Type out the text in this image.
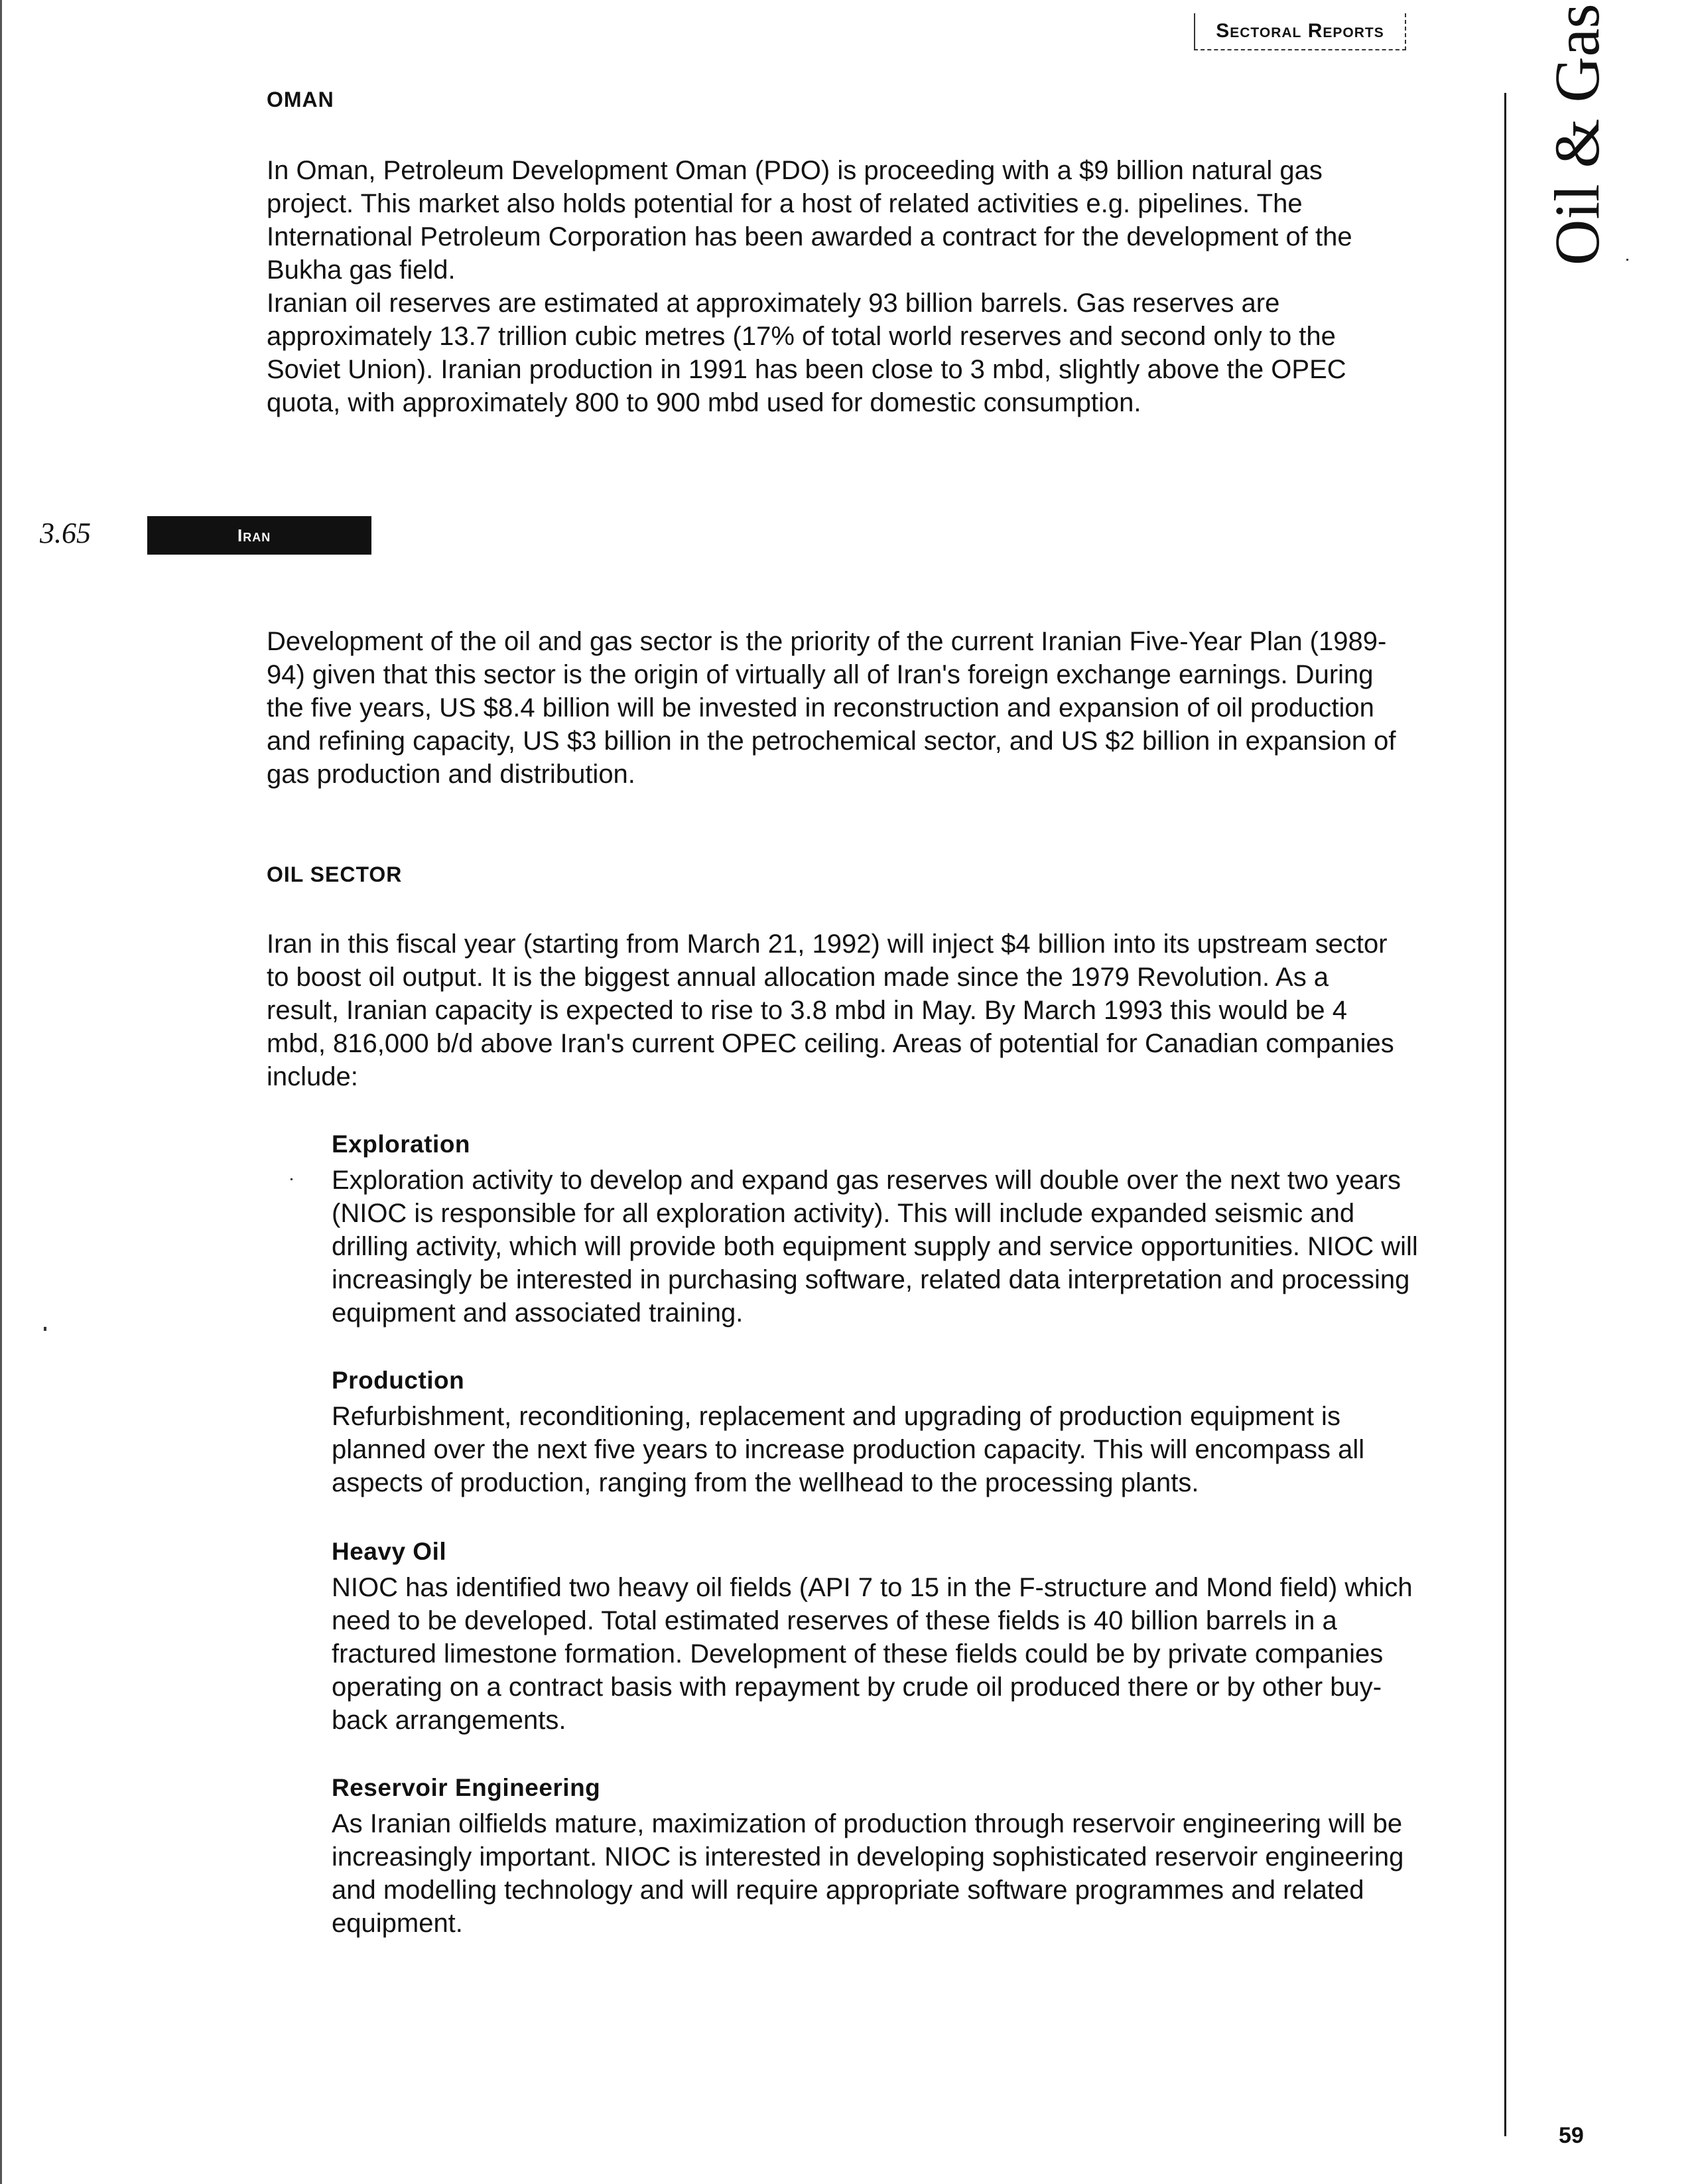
Sectoral Reports	Oil & Gas
59
OMAN
In Oman, Petroleum Development Oman (PDO) is proceeding with a $9 billion natural gas project. This market also holds potential for a host of related activities e.g. pipelines. The International Petroleum Corporation has been awarded a contract for the development of the Bukha gas field.
Iranian oil reserves are estimated at approximately 93 billion barrels. Gas reserves are approximately 13.7 trillion cubic metres (17% of total world reserves and second only to the Soviet Union). Iranian production in 1991 has been close to 3 mbd, slightly above the OPEC quota, with approximately 800 to 900 mbd used for domestic consumption.
3.65	Iran
Development of the oil and gas sector is the priority of the current Iranian Five-Year Plan (1989-94) given that this sector is the origin of virtually all of Iran's foreign exchange earnings. During the five years, US $8.4 billion will be invested in reconstruction and expansion of oil production and refining capacity, US $3 billion in the petrochemical sector, and US $2 billion in expansion of gas production and distribution.
OIL SECTOR
Iran in this fiscal year (starting from March 21, 1992) will inject $4 billion into its upstream sector to boost oil output. It is the biggest annual allocation made since the 1979 Revolution. As a result, Iranian capacity is expected to rise to 3.8 mbd in May. By March 1993 this would be 4 mbd, 816,000 b/d above Iran's current OPEC ceiling. Areas of potential for Canadian companies include:
Exploration
Exploration activity to develop and expand gas reserves will double over the next two years (NIOC is responsible for all exploration activity). This will include expanded seismic and drilling activity, which will provide both equipment supply and service opportunities. NIOC will increasingly be interested in purchasing software, related data interpretation and processing equipment and associated training.
Production
Refurbishment, reconditioning, replacement and upgrading of production equipment is planned over the next five years to increase production capacity. This will encompass all aspects of production, ranging from the wellhead to the processing plants.
Heavy Oil
NIOC has identified two heavy oil fields (API 7 to 15 in the F-structure and Mond field) which need to be developed. Total estimated reserves of these fields is 40 billion barrels in a fractured limestone formation. Development of these fields could be by private companies operating on a contract basis with repayment by crude oil produced there or by other buy-back arrangements.
Reservoir Engineering
As Iranian oilfields mature, maximization of production through reservoir engineering will be increasingly important. NIOC is interested in developing sophisticated reservoir engineering and modelling technology and will require appropriate software programmes and related equipment.
